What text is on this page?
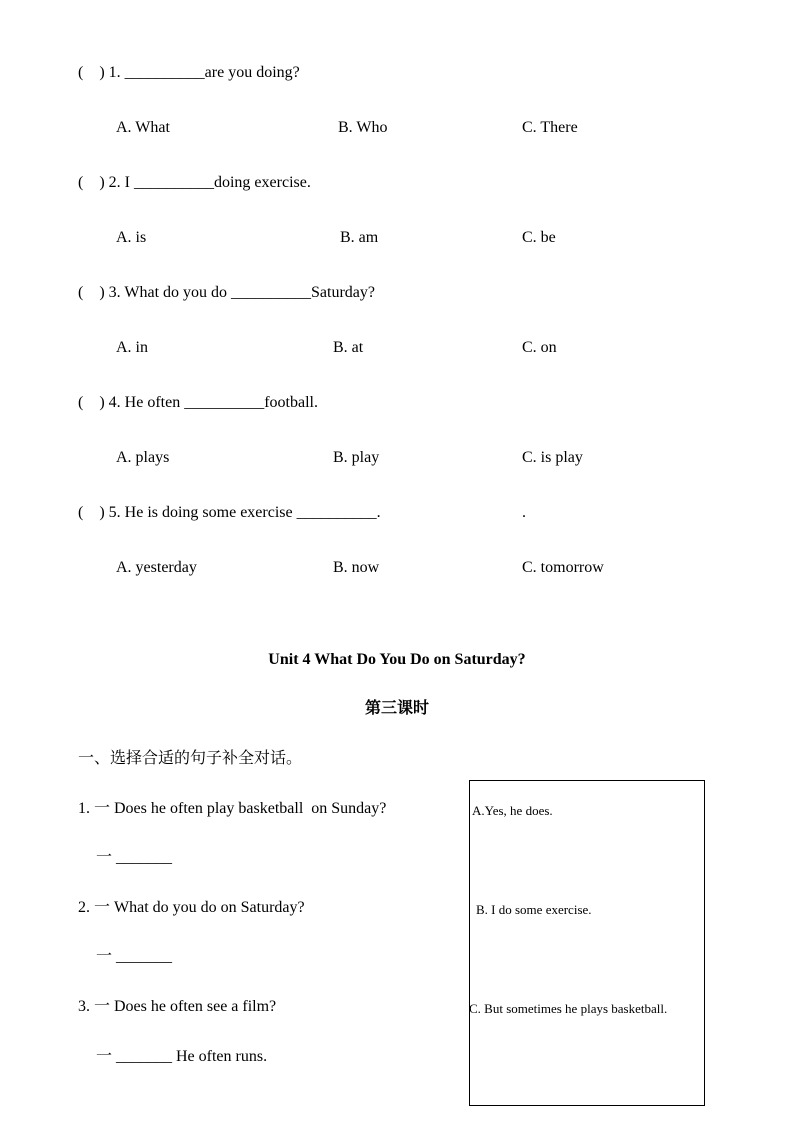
(    ) 1. __________are you doing?
A. What	B. Who	C. There
(    ) 2. I __________doing exercise.
A. is	B. am	C. be
(    ) 3. What do you do __________Saturday?
A. in	B. at	C. on
(    ) 4. He often __________football.
A. plays	B. play	C. is play
(    ) 5. He is doing some exercise __________.	.
A. yesterday	B. now	C. tomorrow
Unit 4 What Do You Do on Saturday?
第三课时
一、选择合适的句子补全对话。
1. 一 Does he often play basketball  on Sunday?
一 _______
2. 一 What do you do on Saturday?
一 _______
3. 一 Does he often see a film?
一 _______ He often runs.
A.Yes, he does.
B. I do some exercise.
C. But sometimes he plays basketball.
